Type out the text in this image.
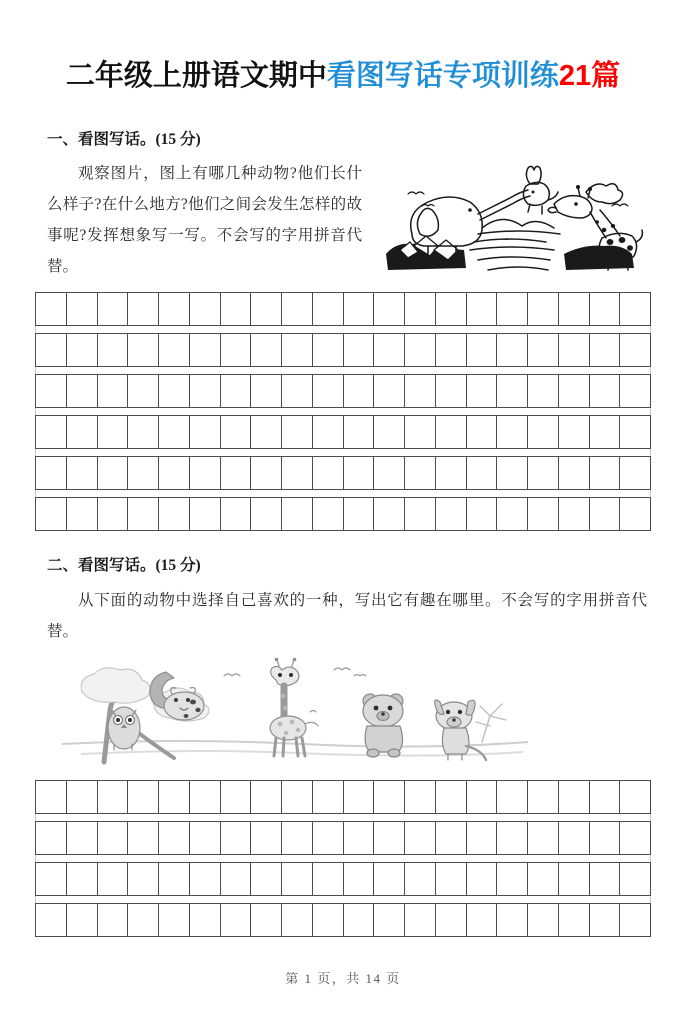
二年级上册语文期中看图写话专项训练21篇
一、看图写话。(15 分)
观察图片，图上有哪几种动物?他们长什么样子?在什么地方?他们之间会发生怎样的故事呢?发挥想象写一写。不会写的字用拼音代替。
二、看图写话。(15 分)
从下面的动物中选择自己喜欢的一种，写出它有趣在哪里。不会写的字用拼音代替。
第 1 页，共 14 页
